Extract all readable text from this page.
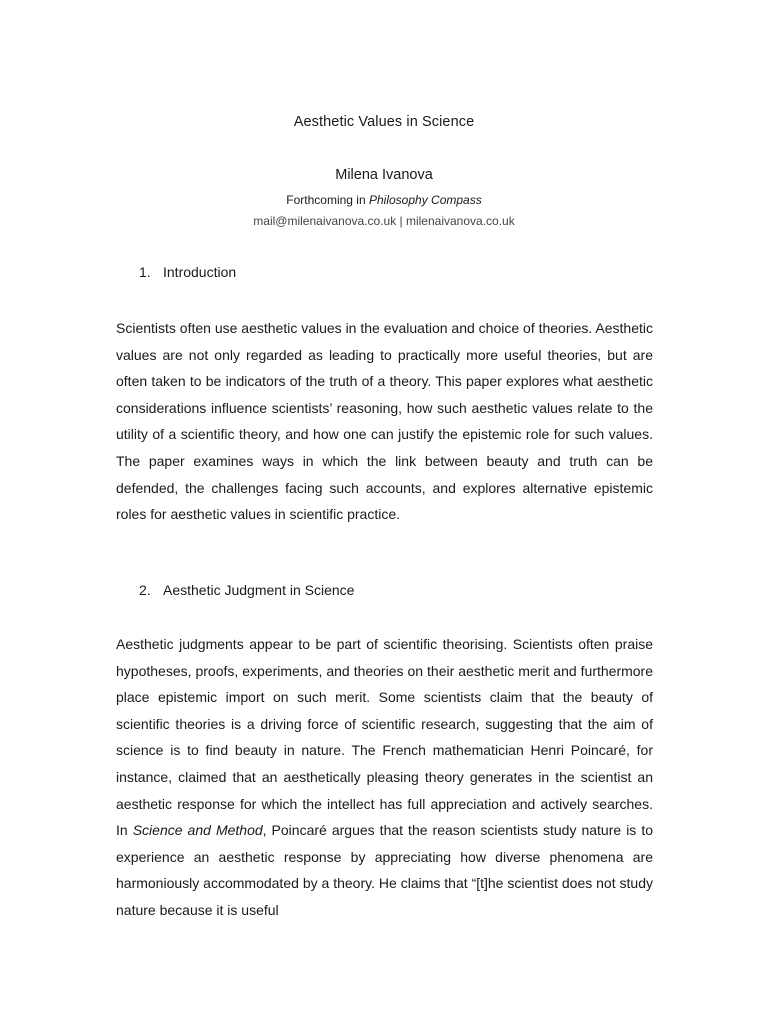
Aesthetic Values in Science
Milena Ivanova
Forthcoming in Philosophy Compass
mail@milenaivanova.co.uk | milenaivanova.co.uk
1. Introduction

Scientists often use aesthetic values in the evaluation and choice of theories. Aesthetic values are not only regarded as leading to practically more useful theories, but are often taken to be indicators of the truth of a theory. This paper explores what aesthetic considerations influence scientists’ reasoning, how such aesthetic values relate to the utility of a scientific theory, and how one can justify the epistemic role for such values. The paper examines ways in which the link between beauty and truth can be defended, the challenges facing such accounts, and explores alternative epistemic roles for aesthetic values in scientific practice.

2. Aesthetic Judgment in Science

Aesthetic judgments appear to be part of scientific theorising. Scientists often praise hypotheses, proofs, experiments, and theories on their aesthetic merit and furthermore place epistemic import on such merit. Some scientists claim that the beauty of scientific theories is a driving force of scientific research, suggesting that the aim of science is to find beauty in nature. The French mathematician Henri Poincaré, for instance, claimed that an aesthetically pleasing theory generates in the scientist an aesthetic response for which the intellect has full appreciation and actively searches. In Science and Method, Poincaré argues that the reason scientists study nature is to experience an aesthetic response by appreciating how diverse phenomena are harmoniously accommodated by a theory. He claims that “[t]he scientist does not study nature because it is useful
